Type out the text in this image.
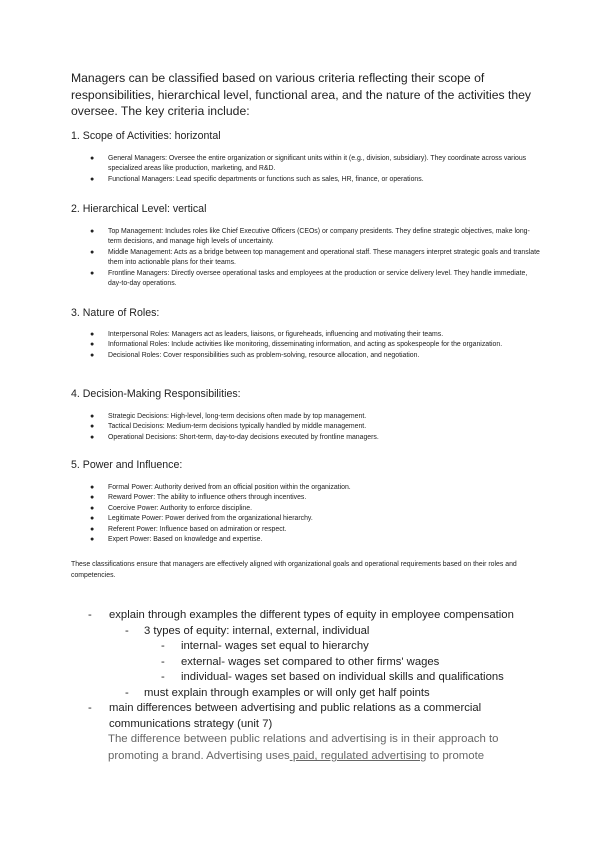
Managers can be classified based on various criteria reflecting their scope of responsibilities, hierarchical level, functional area, and the nature of the activities they oversee. The key criteria include:

1. Scope of Activities: horizontal

● General Managers: Oversee the entire organization or significant units within it (e.g., division, subsidiary). They coordinate across various specialized areas like production, marketing, and R&D.
● Functional Managers: Lead specific departments or functions such as sales, HR, finance, or operations.

2. Hierarchical Level: vertical

● Top Management: Includes roles like Chief Executive Officers (CEOs) or company presidents. They define strategic objectives, make long-term decisions, and manage high levels of uncertainty.
● Middle Management: Acts as a bridge between top management and operational staff. These managers interpret strategic goals and translate them into actionable plans for their teams.
● Frontline Managers: Directly oversee operational tasks and employees at the production or service delivery level. They handle immediate, day-to-day operations.

3. Nature of Roles:

● Interpersonal Roles: Managers act as leaders, liaisons, or figureheads, influencing and motivating their teams.
● Informational Roles: Include activities like monitoring, disseminating information, and acting as spokespeople for the organization.
● Decisional Roles: Cover responsibilities such as problem-solving, resource allocation, and negotiation.

4. Decision-Making Responsibilities:

● Strategic Decisions: High-level, long-term decisions often made by top management.
● Tactical Decisions: Medium-term decisions typically handled by middle management.
● Operational Decisions: Short-term, day-to-day decisions executed by frontline managers.

5. Power and Influence:

● Formal Power: Authority derived from an official position within the organization.
● Reward Power: The ability to influence others through incentives.
● Coercive Power: Authority to enforce discipline.
● Legitimate Power: Power derived from the organizational hierarchy.
● Referent Power: Influence based on admiration or respect.
● Expert Power: Based on knowledge and expertise.

These classifications ensure that managers are effectively aligned with organizational goals and operational requirements based on their roles and competencies.

- explain through examples the different types of equity in employee compensation
- 3 types of equity: internal, external, individual
- internal- wages set equal to hierarchy
- external- wages set compared to other firms' wages
- individual- wages set based on individual skills and qualifications
- must explain through examples or will only get half points
- main differences between advertising and public relations as a commercial
communications strategy (unit 7)
The difference between public relations and advertising is in their approach to
promoting a brand. Advertising uses paid, regulated advertising to promote
